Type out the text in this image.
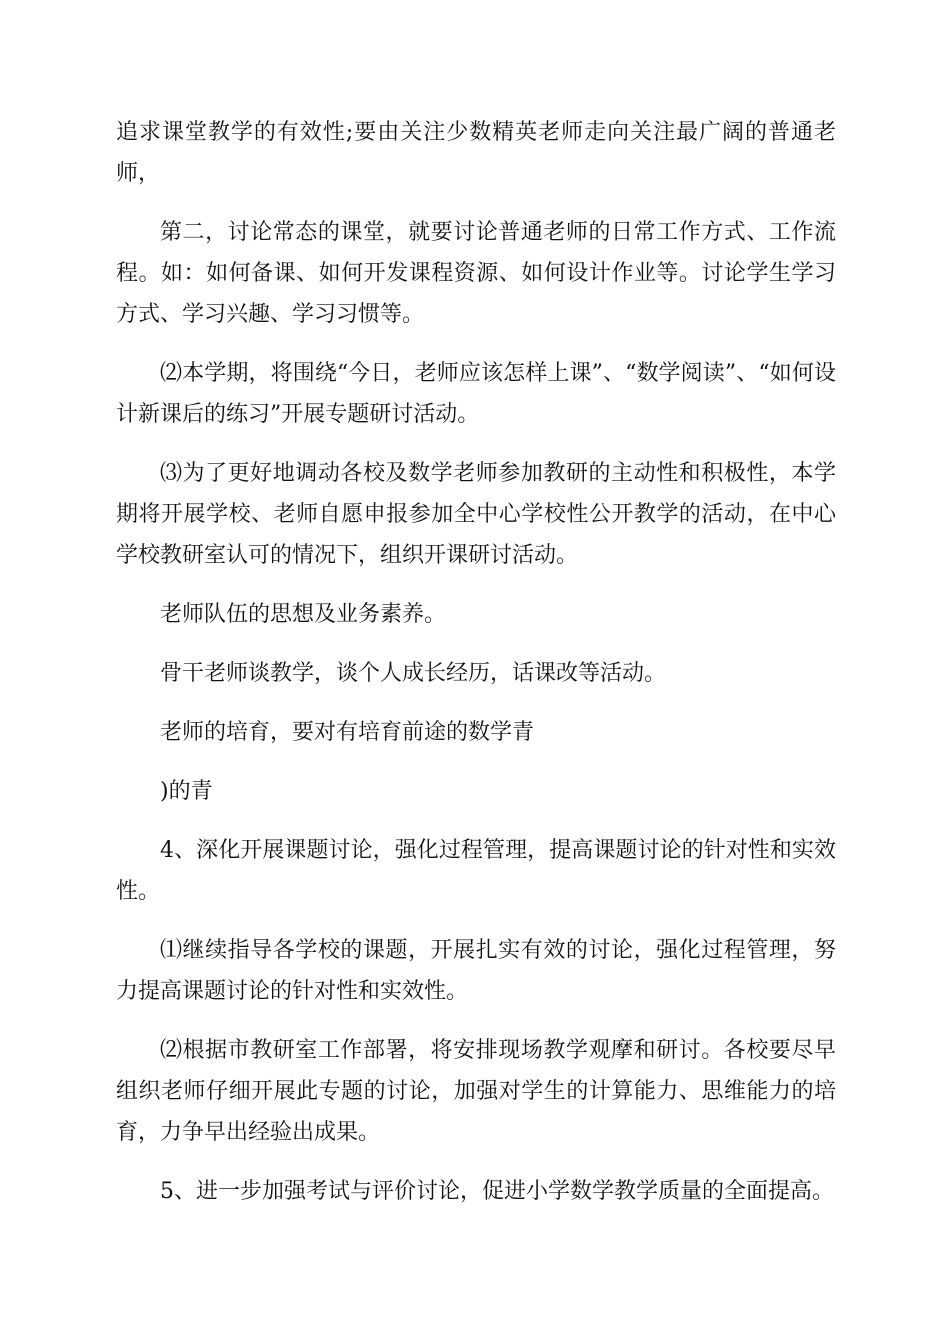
追求课堂教学的有效性;要由关注少数精英老师走向关注最广阔的普通老师，

第二，讨论常态的课堂，就要讨论普通老师的日常工作方式、工作流程。如：如何备课、如何开发课程资源、如何设计作业等。讨论学生学习方式、学习兴趣、学习习惯等。

⑵本学期，将围绕“今日，老师应该怎样上课”、“数学阅读”、“如何设计新课后的练习”开展专题研讨活动。

⑶为了更好地调动各校及数学老师参加教研的主动性和积极性，本学期将开展学校、老师自愿申报参加全中心学校性公开教学的活动，在中心学校教研室认可的情况下，组织开课研讨活动。

老师队伍的思想及业务素养。

骨干老师谈教学，谈个人成长经历，话课改等活动。

老师的培育，要对有培育前途的数学青

)的青

4、深化开展课题讨论，强化过程管理，提高课题讨论的针对性和实效性。

⑴继续指导各学校的课题，开展扎实有效的讨论，强化过程管理，努力提高课题讨论的针对性和实效性。

⑵根据市教研室工作部署，将安排现场教学观摩和研讨。各校要尽早组织老师仔细开展此专题的讨论，加强对学生的计算能力、思维能力的培育，力争早出经验出成果。

5、进一步加强考试与评价讨论，促进小学数学教学质量的全面提高。
